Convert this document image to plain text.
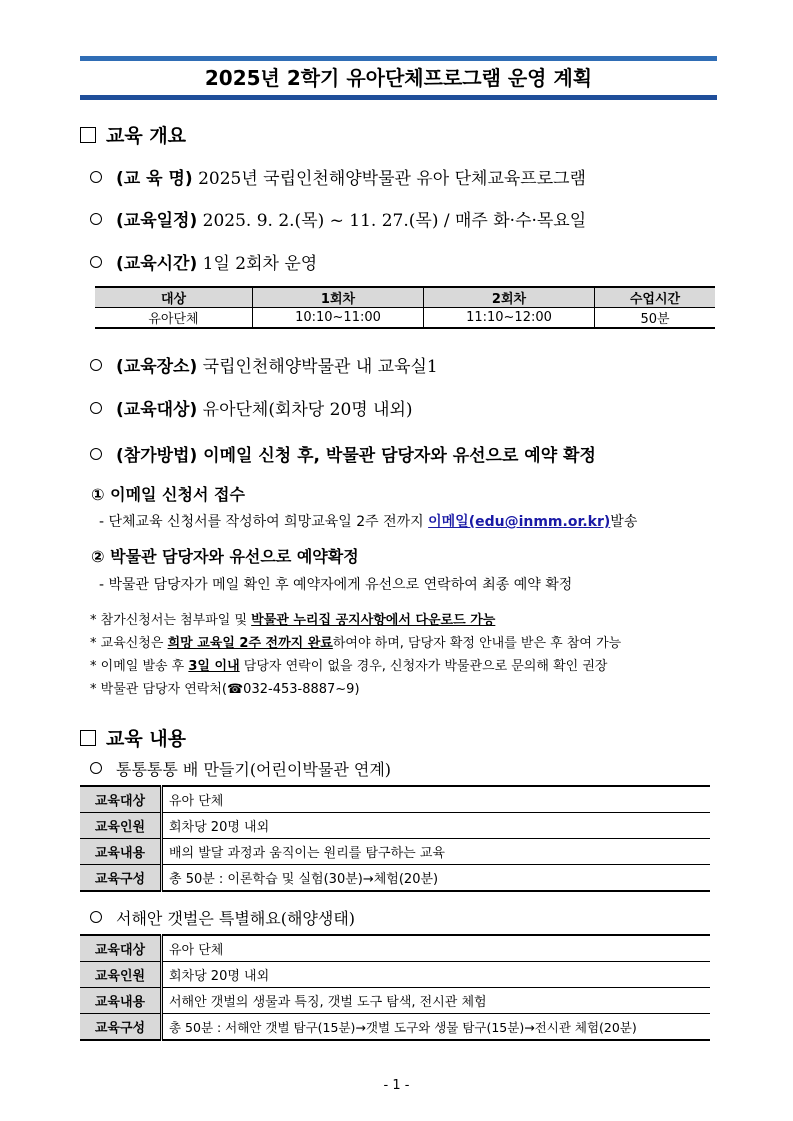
2025년 2학기 유아단체프로그램 운영 계획
교육 개요
(교 육 명) 2025년 국립인천해양박물관 유아 단체교육프로그램
(교육일정) 2025. 9. 2.(목) ~ 11. 27.(목) / 매주 화·수·목요일
(교육시간) 1일 2회차 운영
대상	1회차	2회차	수업시간
유아단체	10:10~11:00	11:10~12:00	50분
(교육장소) 국립인천해양박물관 내 교육실1
(교육대상) 유아단체(회차당 20명 내외)
(참가방법) 이메일 신청 후, 박물관 담당자와 유선으로 예약 확정
① 이메일 신청서 접수
- 단체교육 신청서를 작성하여 희망교육일 2주 전까지 이메일(edu@inmm.or.kr)발송
② 박물관 담당자와 유선으로 예약확정
- 박물관 담당자가 메일 확인 후 예약자에게 유선으로 연락하여 최종 예약 확정
* 참가신청서는 첨부파일 및 박물관 누리집 공지사항에서 다운로드 가능
* 교육신청은 희망 교육일 2주 전까지 완료하여야 하며, 담당자 확정 안내를 받은 후 참여 가능
* 이메일 발송 후 3일 이내 담당자 연락이 없을 경우, 신청자가 박물관으로 문의해 확인 권장
* 박물관 담당자 연락처(☎032-453-8887~9)
교육 내용
통통통통 배 만들기(어린이박물관 연계)
교육대상	유아 단체
교육인원	회차당 20명 내외
교육내용	배의 발달 과정과 움직이는 원리를 탐구하는 교육
교육구성	총 50분 : 이론학습 및 실험(30분)→체험(20분)
서해안 갯벌은 특별해요(해양생태)
교육대상	유아 단체
교육인원	회차당 20명 내외
교육내용	서해안 갯벌의 생물과 특징, 갯벌 도구 탐색, 전시관 체험
교육구성	총 50분 : 서해안 갯벌 탐구(15분)→갯벌 도구와 생물 탐구(15분)→전시관 체험(20분)
- 1 -
